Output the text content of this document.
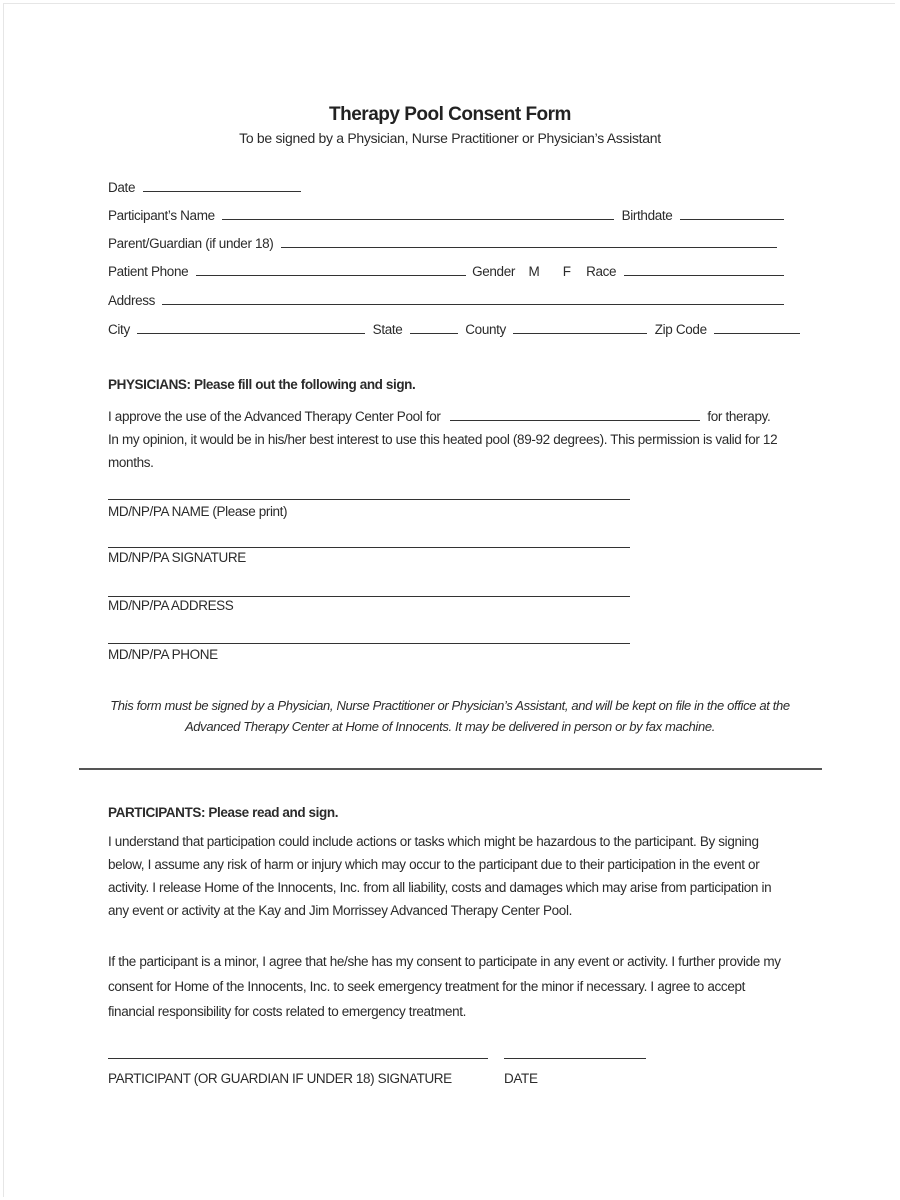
Therapy Pool Consent Form
To be signed by a Physician, Nurse Practitioner or Physician’s Assistant
Date
Participant’s Name	Birthdate
Parent/Guardian (if under 18)
Patient Phone	Gender M F Race
Address
City	State	County	Zip Code
PHYSICIANS: Please fill out the following and sign.
I approve the use of the Advanced Therapy Center Pool for	for therapy.
In my opinion, it would be in his/her best interest to use this heated pool (89-92 degrees). This permission is valid for 12 months.
MD/NP/PA NAME (Please print)
MD/NP/PA SIGNATURE
MD/NP/PA ADDRESS
MD/NP/PA PHONE
This form must be signed by a Physician, Nurse Practitioner or Physician’s Assistant, and will be kept on file in the office at the Advanced Therapy Center at Home of Innocents. It may be delivered in person or by fax machine.
PARTICIPANTS: Please read and sign.
I understand that participation could include actions or tasks which might be hazardous to the participant. By signing below, I assume any risk of harm or injury which may occur to the participant due to their participation in the event or activity. I release Home of the Innocents, Inc. from all liability, costs and damages which may arise from participation in any event or activity at the Kay and Jim Morrissey Advanced Therapy Center Pool.
If the participant is a minor, I agree that he/she has my consent to participate in any event or activity. I further provide my consent for Home of the Innocents, Inc. to seek emergency treatment for the minor if necessary. I agree to accept financial responsibility for costs related to emergency treatment.
PARTICIPANT (OR GUARDIAN IF UNDER 18) SIGNATURE	DATE
